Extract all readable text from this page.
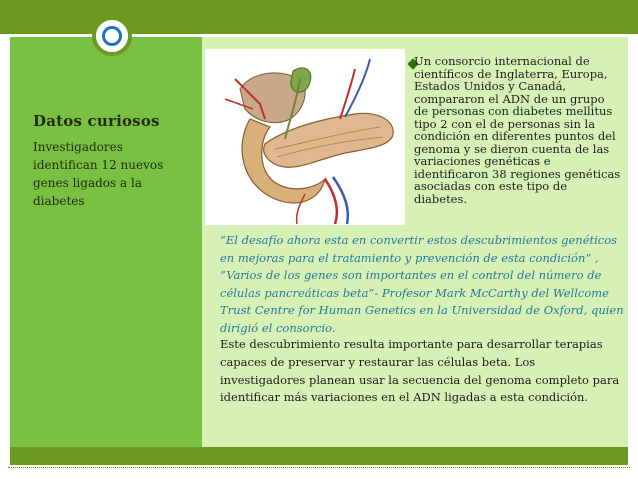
Datos curiosos
Investigadores identifican 12 nuevos genes ligados a la diabetes
Un consorcio internacional de científicos de Inglaterra, Europa, Estados Unidos y Canadá, compararon el ADN de un grupo de personas con diabetes mellitus tipo 2 con el de personas sin la condición en diferentes puntos del genoma y se dieron cuenta de las variaciones genéticas e identificaron 38 regiones genéticas asociadas con este tipo de diabetes.
“El desafío ahora esta en convertir estos descubrimientos genéticos en mejoras para el tratamiento y prevención de esta condición” , “Varios de los genes son importantes en el control del número de células pancreáticas beta”- Profesor Mark McCarthy del Wellcome Trust Centre for Human Genetics en la Universidad de Oxford, quien dirigió el consorcio.
Este descubrimiento resulta importante para desarrollar terapias capaces de preservar y restaurar las células beta. Los investigadores planean usar la secuencia del genoma completo para identificar más variaciones en el ADN ligadas a esta condición.
